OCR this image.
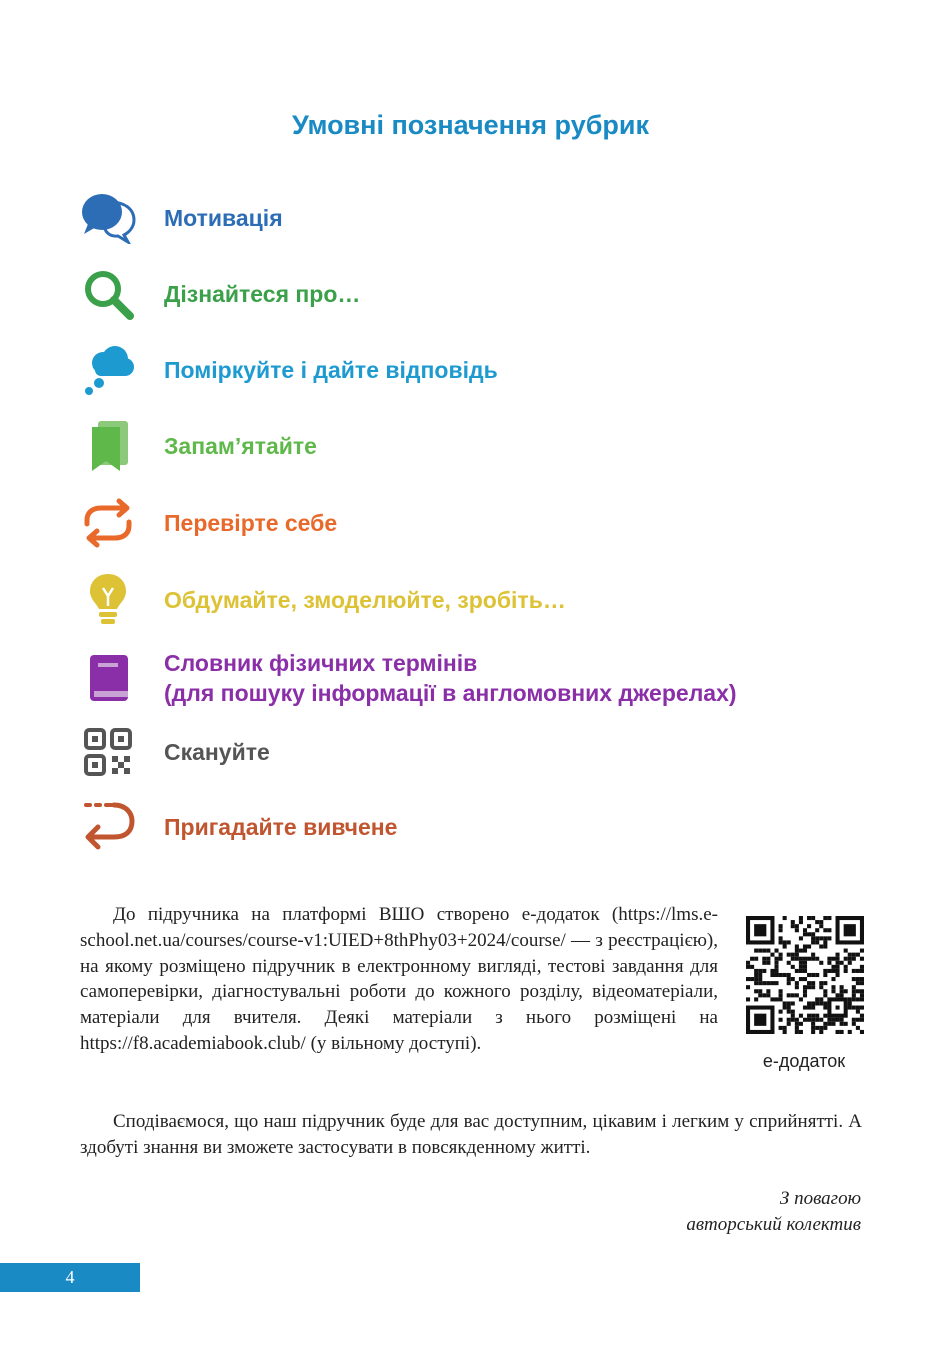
Умовні позначення рубрик
Мотивація
Дізнайтеся про…
Поміркуйте і дайте відповідь
Запам’ятайте
Перевірте себе
Обдумайте, змоделюйте, зробіть…
Словник фізичних термінів
(для пошуку інформації в англомовних джерелах)
Скануйте
Пригадайте вивчене
До підручника на платформі ВШО створено е-додаток (https://lms.e-school.net.ua/courses/course-v1:UIED+8thPhy03+2024/course/ — з реєстрацією), на якому розміщено підручник в електронному вигляді, тестові завдання для самоперевірки, діагностувальні роботи до кожного розділу, відеоматеріали, матеріали для вчителя. Деякі матеріали з нього розміщені на https://f8.academiabook.club/ (у вільному доступі).
е-додаток
Сподіваємося, що наш підручник буде для вас доступним, цікавим і легким у сприйнятті. А здобуті знання ви зможете застосувати в повсякденному житті.
З повагою
авторський колектив
4
